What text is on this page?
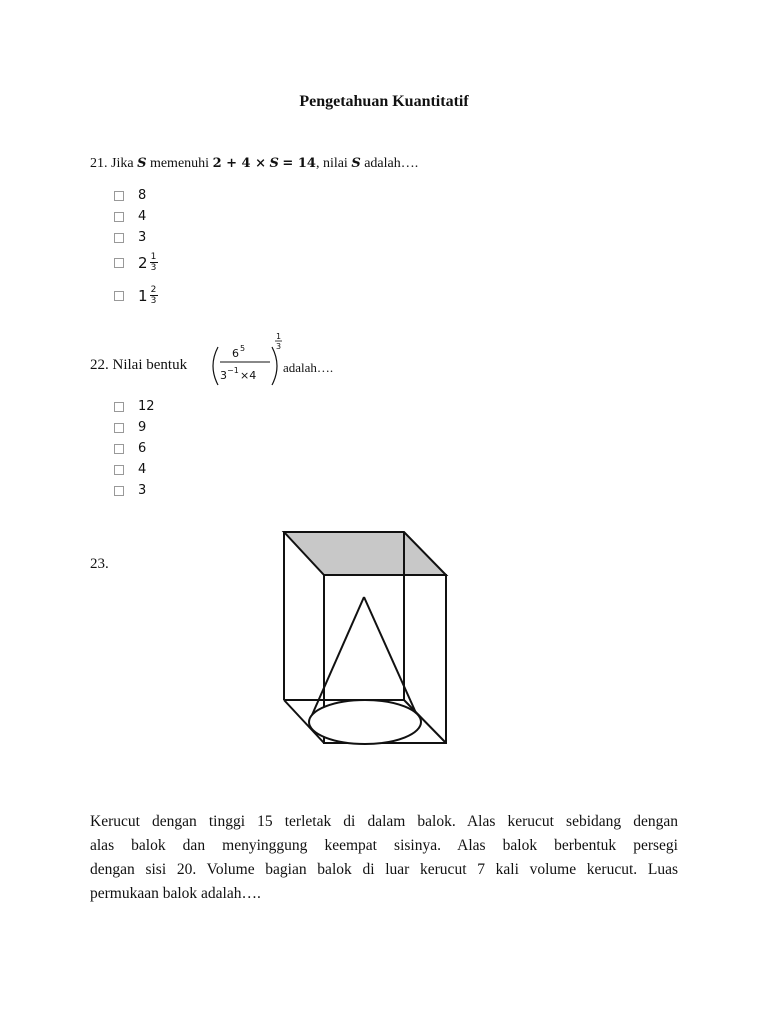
Pengetahuan Kuantitatif
21. Jika S memenuhi 2 + 4 × S = 14, nilai S adalah….
8
4
3
$2 \frac{1}{3}$
$1 \frac{2}{3}$
22. Nilai bentuk
6 5
3 −1 ×4
1
3
adalah….
12
9
6
4
3
23.
Kerucut dengan tinggi 15 terletak di dalam balok. Alas kerucut sebidang dengan
alas balok dan menyinggung keempat sisinya. Alas balok berbentuk persegi
dengan sisi 20. Volume bagian balok di luar kerucut 7 kali volume kerucut. Luas
permukaan balok adalah….
